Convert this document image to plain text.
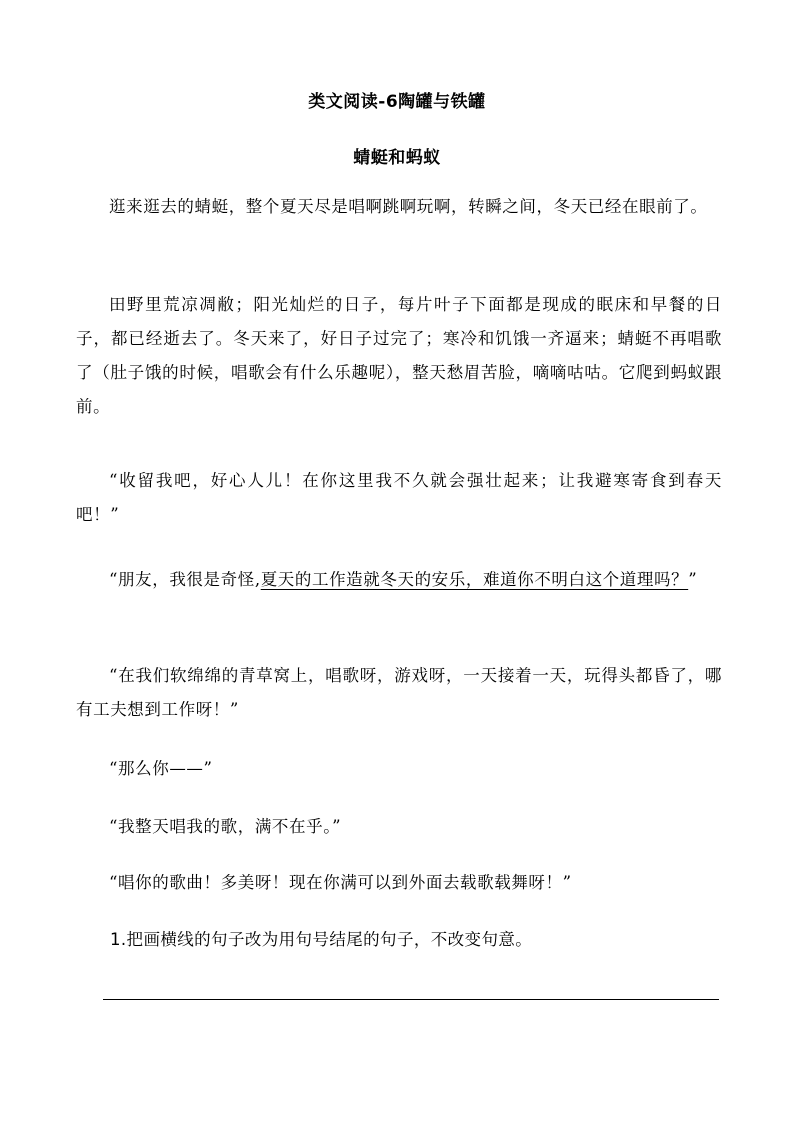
类文阅读-6陶罐与铁罐
蜻蜓和蚂蚁

逛来逛去的蜻蜓，整个夏天尽是唱啊跳啊玩啊，转瞬之间，冬天已经在眼前了。

田野里荒凉凋敝；阳光灿烂的日子，每片叶子下面都是现成的眠床和早餐的日子，都已经逝去了。冬天来了，好日子过完了；寒冷和饥饿一齐逼来；蜻蜓不再唱歌了（肚子饿的时候，唱歌会有什么乐趣呢），整天愁眉苦脸，嘀嘀咕咕。它爬到蚂蚁跟前。

“收留我吧，好心人儿！在你这里我不久就会强壮起来；让我避寒寄食到春天吧！”

“朋友，我很是奇怪,夏天的工作造就冬天的安乐，难道你不明白这个道理吗？”

“在我们软绵绵的青草窝上，唱歌呀，游戏呀，一天接着一天，玩得头都昏了，哪有工夫想到工作呀！”

“那么你——”

“我整天唱我的歌，满不在乎。”

“唱你的歌曲！多美呀！现在你满可以到外面去载歌载舞呀！”

1.把画横线的句子改为用句号结尾的句子，不改变句意。
